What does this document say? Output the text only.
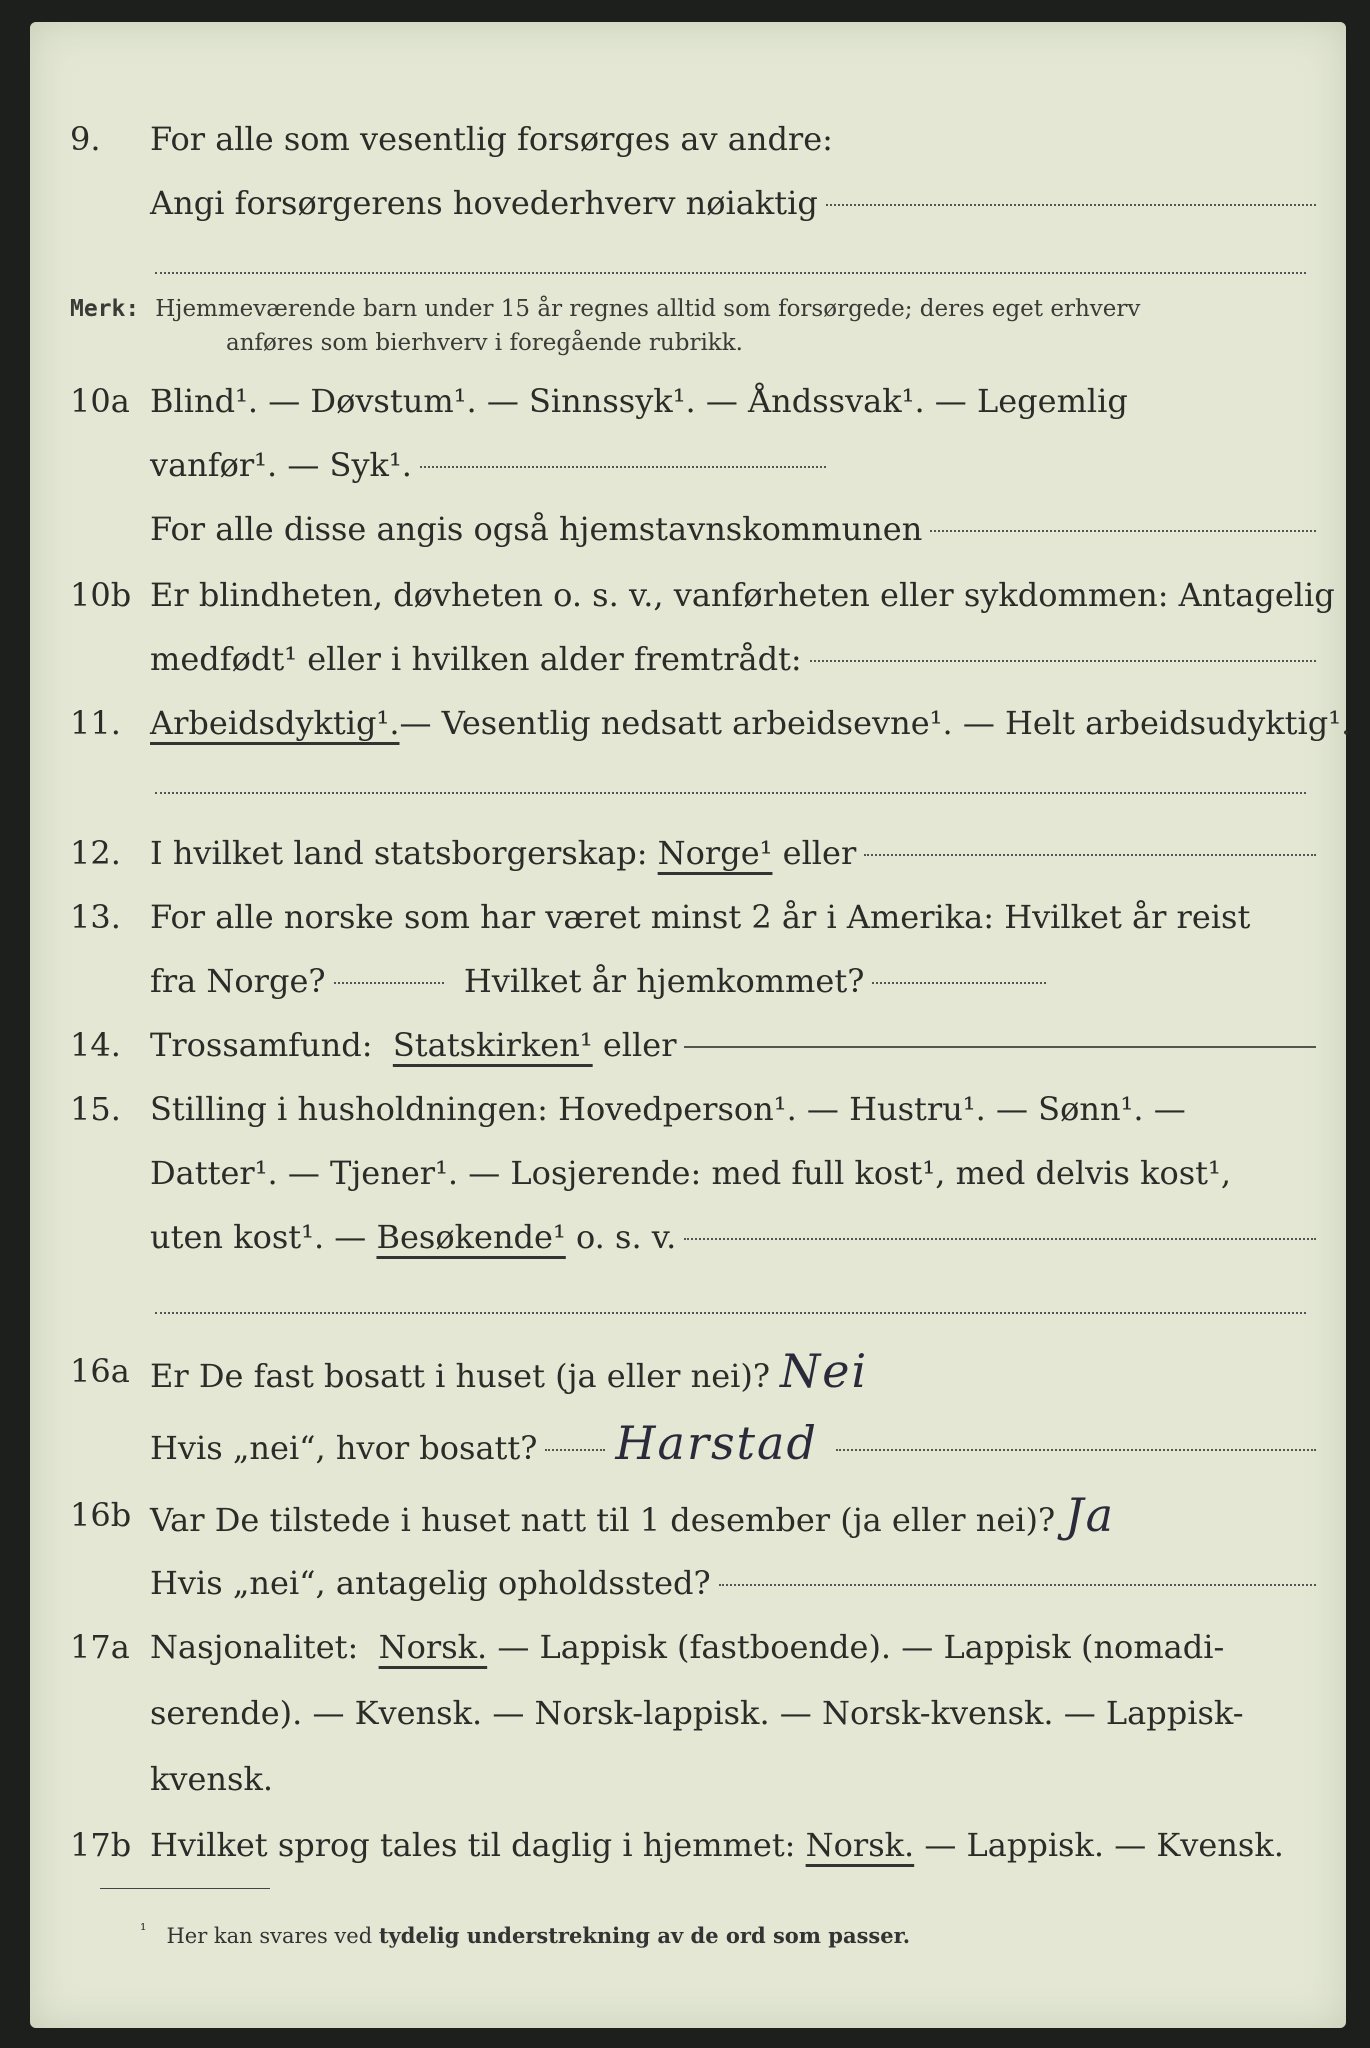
9.	For alle som vesentlig forsørges av andre:
Angi forsørgerens hovederhverv nøiaktig
Merk: Hjemmeværende barn under 15 år regnes alltid som forsørgede; deres eget erhverv
anføres som bierhverv i foregående rubrikk.
10a Blind¹. — Døvstum¹. — Sinnssyk¹. — Åndssvak¹. — Legemlig
vanfør¹. — Syk¹.
For alle disse angis også hjemstavnskommunen
10b Er blindheten, døvheten o. s. v., vanførheten eller sykdommen: Antagelig
medfødt¹ eller i hvilken alder fremtrådt:
11. Arbeidsdyktig¹. — Vesentlig nedsatt arbeidsevne¹. — Helt arbeidsudyktig¹.
12. I hvilket land statsborgerskap:
Norge¹
eller
13. For alle norske som har været minst 2 år i Amerika: Hvilket år reist
fra Norge?
	Hvilket år hjemkommet?
14. Trossamfund:
Statskirken¹
eller
15. Stilling i husholdningen: Hovedperson¹. — Hustru¹. — Sønn¹. —
Datter¹. — Tjener¹. — Losjerende: med full kost¹, med delvis kost¹,
uten kost¹. —
Besøkende¹
o. s. v.
16a Er De fast bosatt i huset (ja eller nei)? Nei
Hvis „nei“, hvor bosatt? Harstad
16b Var De tilstede i huset natt til 1 desember (ja eller nei)? Ja
Hvis „nei“, antagelig opholdssted?
17a Nasjonalitet:
Norsk.
— Lappisk (fastboende). — Lappisk (nomadi-
serende). — Kvensk. — Norsk-lappisk. — Norsk-kvensk. — Lappisk-
kvensk.
17b Hvilket sprog tales til daglig i hjemmet:
Norsk.
— Lappisk. — Kvensk.
$^{^1}$ Her kan svares ved tydelig understrekning av de ord som passer.
